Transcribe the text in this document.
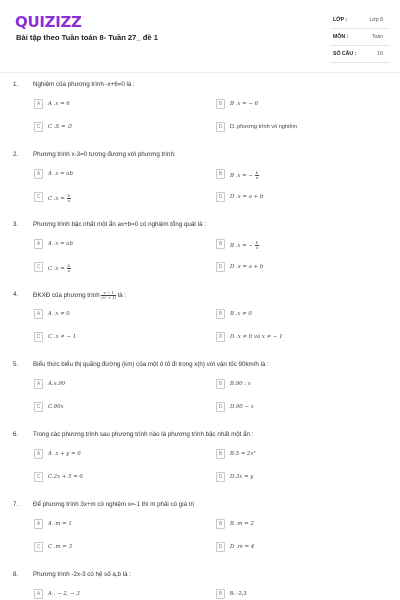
QUIZIZZ
Bài tập theo Tuần toán 8- Tuần 27_ đề 1
LỚP :	Lớp 8
MÔN :	Toán
SỐ CÂU :	10
1. Nghiệm của phương trình -x+6=0 là :
A	A .x = 6	B	B .x = − 6
C	C .S = ∅	D	D. phương trình vô nghiệm
2. Phương trình x-3=0 tương đương với phương trình:
A	A .x = ab	B	B .x = − $\frac{b}{a}$
C	C $.x = \frac{b}{a}$	D	D .x = a + b
3. Phương trình bậc nhất một ẩn ax+b=0 có nghiệm tổng quát là :
A	A .x = ab	B	B .x = − $\frac{b}{a}$
C	C $.x = \frac{b}{a}$	D	D .x = a + b
4. ĐKXĐ của phương trình $\frac{x - 1}{\text{(x² + 1)}}$ là :
A	A .x ≠ 0	B	B .x ≠ 0
C	C .x ≠ − 1	D	D .x ≠ 0 và x ≠ − 1
5. Biểu thức biểu thị quãng đường (km) của một ô tô đi trong x(h) với vận tốc 90km/h là :
A	A.x.90	B	B.90 : x
C	C.90x	D	D.90 − x
6. Trong các phương trình sau phương trình nào là phương trình bậc nhất một ẩn :
A	A .x + y = 0	B	B.5 = 2x²
C	C.2x + 5 = 0	D	D.3x = y
7. Để phương trình 3x+m có nghiệm x=-1 thì m phải có giá trị
A	A .m = 1	B	B .m = 2
C	C .m = 3	D	D .m = 4
8. Phương trình -2x-3 có hệ số a,b là :
A	A . − 2, − 3	B	B. -2,3
